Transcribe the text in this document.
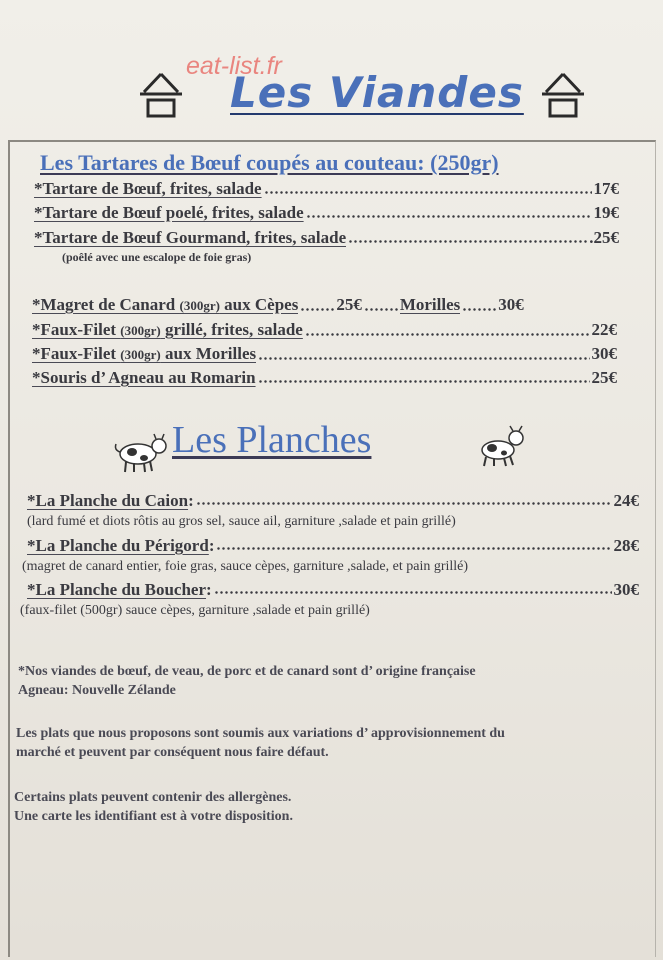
eat-list.fr
Les Viandes
Les Tartares de Bœuf coupés au couteau: (250gr)
*Tartare de Bœuf, frites, salade	17€
*Tartare de Bœuf poelé, frites, salade	19€
*Tartare de Bœuf Gourmand, frites, salade	.25€
(poêlé avec une escalope de foie gras)
*Magret de Canard (300gr) aux Cèpes 25€ Morilles 30€
*Faux-Filet (300gr) grillé, frites, salade	22€
*Faux-Filet (300gr) aux Morilles	30€
*Souris d’ Agneau au Romarin	25€
Les Planches
*La Planche du Caion :	24€
(lard fumé et diots rôtis au gros sel, sauce ail, garniture ,salade et pain grillé)
*La Planche du Périgord :	28€
(magret de canard entier, foie gras, sauce cèpes, garniture ,salade, et pain grillé)
*La Planche du Boucher :	30€
(faux-filet (500gr) sauce cèpes, garniture ,salade et pain grillé)
*Nos viandes de bœuf, de veau, de porc et de canard sont d’ origine française
Agneau: Nouvelle Zélande
Les plats que nous proposons sont soumis aux variations d’ approvisionnement du
marché et peuvent par conséquent nous faire défaut.
Certains plats peuvent contenir des allergènes.
Une carte les identifiant est à votre disposition.
